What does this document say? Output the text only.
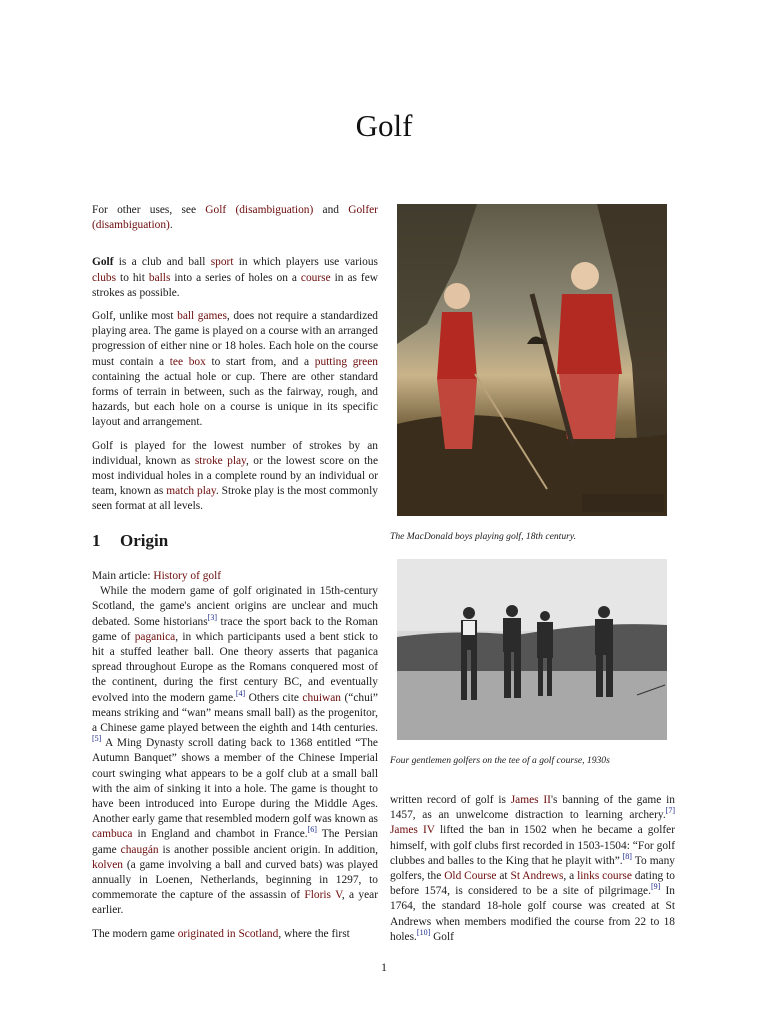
Golf

For other uses, see Golf (disambiguation) and Golfer (disambiguation).

Golf is a club and ball sport in which players use various clubs to hit balls into a series of holes on a course in as few strokes as possible.

Golf, unlike most ball games, does not require a standardized playing area. The game is played on a course with an arranged progression of either nine or 18 holes. Each hole on the course must contain a tee box to start from, and a putting green containing the actual hole or cup. There are other standard forms of terrain in between, such as the fairway, rough, and hazards, but each hole on a course is unique in its specific layout and arrangement.

Golf is played for the lowest number of strokes by an individual, known as stroke play, or the lowest score on the most individual holes in a complete round by an individual or team, known as match play. Stroke play is the most commonly seen format at all levels.

1 Origin

Main article: History of golf

While the modern game of golf originated in 15th-century Scotland, the game's ancient origins are unclear and much debated. Some historians[3] trace the sport back to the Roman game of paganica, in which participants used a bent stick to hit a stuffed leather ball. One theory asserts that paganica spread throughout Europe as the Romans conquered most of the continent, during the first century BC, and eventually evolved into the modern game.[4] Others cite chuiwan (“chui” means striking and “wan” means small ball) as the progenitor, a Chinese game played between the eighth and 14th centuries.[5] A Ming Dynasty scroll dating back to 1368 entitled “The Autumn Banquet” shows a member of the Chinese Imperial court swinging what appears to be a golf club at a small ball with the aim of sinking it into a hole. The game is thought to have been introduced into Europe during the Middle Ages. Another early game that resembled modern golf was known as cambuca in England and chambot in France.[6] The Persian game chaugán is another possible ancient origin. In addition, kolven (a game involving a ball and curved bats) was played annually in Loenen, Netherlands, beginning in 1297, to commemorate the capture of the assassin of Floris V, a year earlier.

The modern game originated in Scotland, where the first

The MacDonald boys playing golf, 18th century.
Four gentlemen golfers on the tee of a golf course, 1930s

written record of golf is James II's banning of the game in 1457, as an unwelcome distraction to learning archery.[7] James IV lifted the ban in 1502 when he became a golfer himself, with golf clubs first recorded in 1503-1504: “For golf clubbes and balles to the King that he playit with”.[8] To many golfers, the Old Course at St Andrews, a links course dating to before 1574, is considered to be a site of pilgrimage.[9] In 1764, the standard 18-hole golf course was created at St Andrews when members modified the course from 22 to 18 holes.[10] Golf

1
